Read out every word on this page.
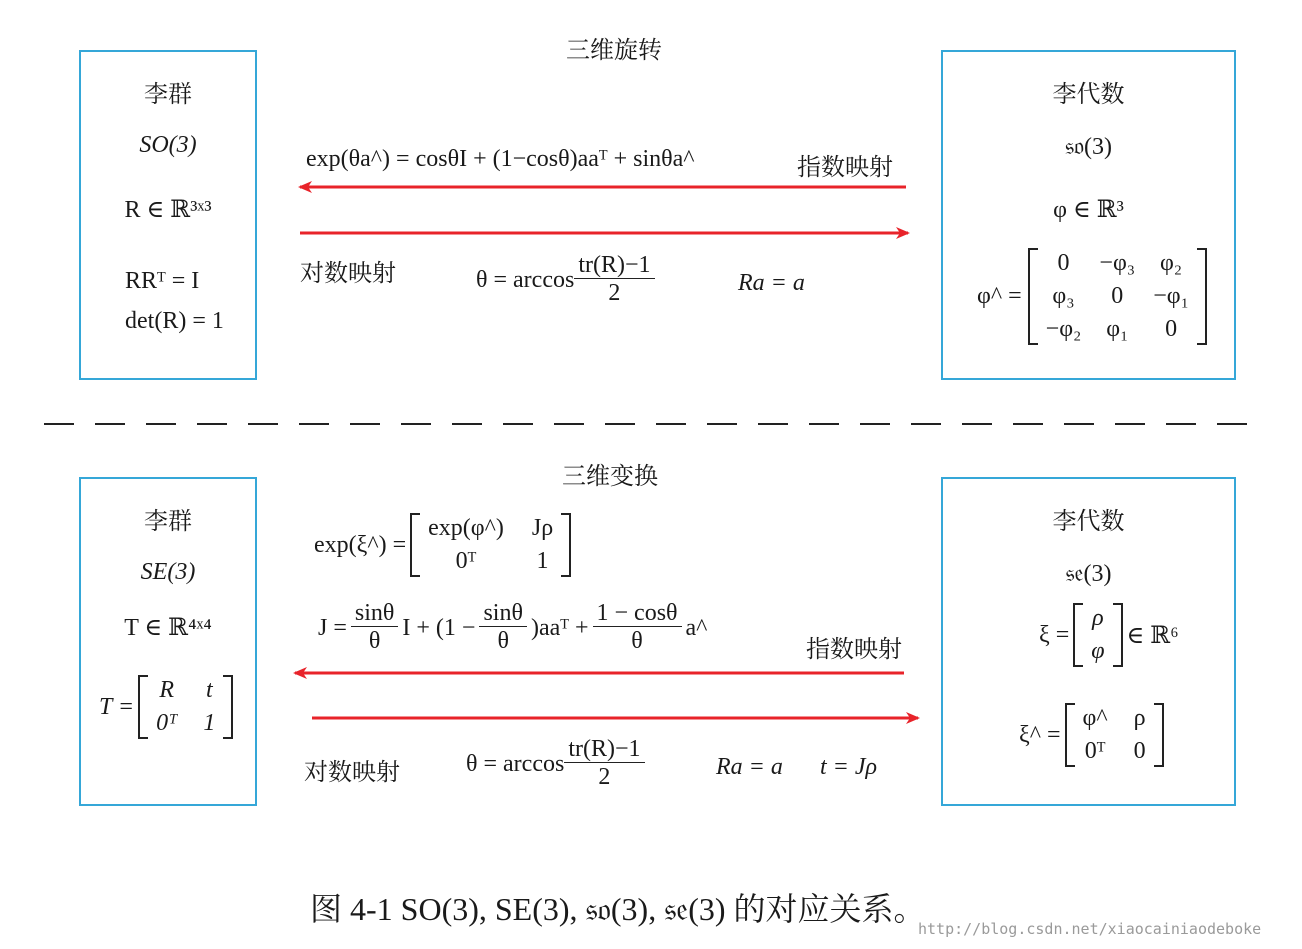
三维旋转
李群
SO(3)
R ∈ ℝ³ˣ³
RRᵀ = I
det(R) = 1
李代数
𝔰𝔬(3)
φ ∈ ℝ³
φ^ =
0	−φ₃ φ₂
φ₃	0	−φ₁
−φ₂ φ₁	0
exp(θa^) = cosθI + (1−cosθ)aaᵀ + sinθa^	指数映射
对数映射	$\theta = \arccos \frac{tr(R)-1}{2}$	Ra = a
三维变换
李群
SE(3)
T ∈ ℝ⁴ˣ⁴
T =
R t
0ᵀ 1
李代数
𝔰𝔢(3)
ξ =
ρ
φ
∈ ℝ⁶
ξ^ =
φ^ ρ
0ᵀ 0
exp(ξ^) =
exp(φ^) Jρ
0ᵀ	1
$J = \frac{\sin\theta}{\theta}$ $I + (1 - \frac{\sin\theta}{\theta}$ )aaᵀ + $\frac{1 - \cos\theta}{\theta}$ a^
指数映射
对数映射	$\theta = \arccos \frac{tr(R)-1}{2}$	Ra = a t = Jρ
图 4-1 SO(3), SE(3), 𝔰𝔬(3), 𝔰𝔢(3) 的对应关系。
http://blog.csdn.net/xiaocainiaodeboke
